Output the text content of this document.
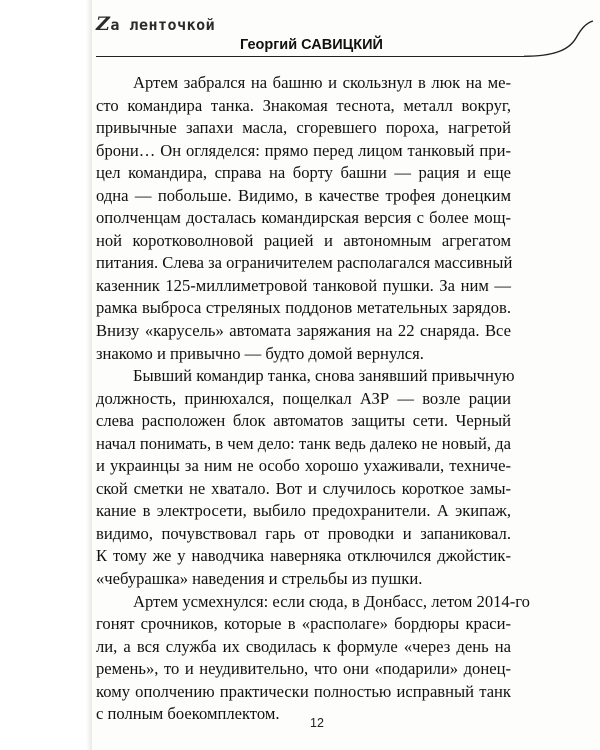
Zа ленточкой
Георгий САВИЦКИЙ
Артем забрался на башню и скользнул в люк на ме-
сто командира танка. Знакомая теснота, металл вокруг,
привычные запахи масла, сгоревшего пороха, нагретой
брони… Он огляделся: прямо перед лицом танковый при-
цел командира, справа на борту башни — рация и еще
одна — побольше. Видимо, в качестве трофея донецким
ополченцам досталась командирская версия с более мощ-
ной коротковолновой рацией и автономным агрегатом
питания. Слева за ограничителем располагался массивный
казенник 125-миллиметровой танковой пушки. За ним —
рамка выброса стреляных поддонов метательных зарядов.
Внизу «карусель» автомата заряжания на 22 снаряда. Все
знакомо и привычно — будто домой вернулся.
Бывший командир танка, снова занявший привычную
должность, принюхался, пощелкал АЗР — возле рации
слева расположен блок автоматов защиты сети. Черный
начал понимать, в чем дело: танк ведь далеко не новый, да
и украинцы за ним не особо хорошо ухаживали, техниче-
ской сметки не хватало. Вот и случилось короткое замы-
кание в электросети, выбило предохранители. А экипаж,
видимо, почувствовал гарь от проводки и запаниковал.
К тому же у наводчика наверняка отключился джойстик-
«чебурашка» наведения и стрельбы из пушки.
Артем усмехнулся: если сюда, в Донбасс, летом 2014-го
гонят срочников, которые в «располаге» бордюры краси-
ли, а вся служба их сводилась к формуле «через день на
ремень», то и неудивительно, что они «подарили» донец-
кому ополчению практически полностью исправный танк
с полным боекомплектом.	12
